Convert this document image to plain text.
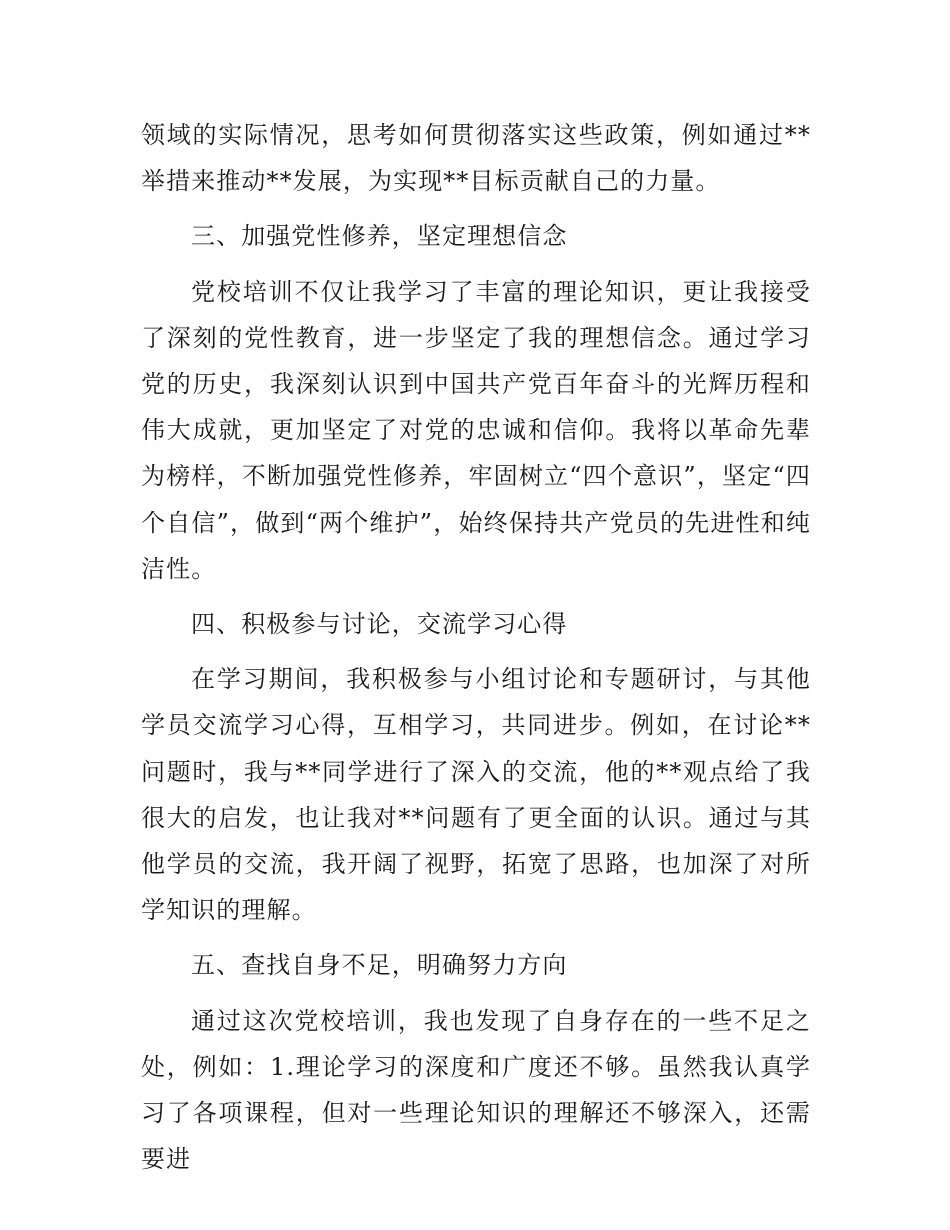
领域的实际情况，思考如何贯彻落实这些政策，例如通过**举措来推动**发展，为实现**目标贡献自己的力量。

三、加强党性修养，坚定理想信念

党校培训不仅让我学习了丰富的理论知识，更让我接受了深刻的党性教育，进一步坚定了我的理想信念。通过学习党的历史，我深刻认识到中国共产党百年奋斗的光辉历程和伟大成就，更加坚定了对党的忠诚和信仰。我将以革命先辈为榜样，不断加强党性修养，牢固树立“四个意识”，坚定“四个自信”，做到“两个维护”，始终保持共产党员的先进性和纯洁性。

四、积极参与讨论，交流学习心得

在学习期间，我积极参与小组讨论和专题研讨，与其他学员交流学习心得，互相学习，共同进步。例如，在讨论**问题时，我与**同学进行了深入的交流，他的**观点给了我很大的启发，也让我对**问题有了更全面的认识。通过与其他学员的交流，我开阔了视野，拓宽了思路，也加深了对所学知识的理解。

五、查找自身不足，明确努力方向

通过这次党校培训，我也发现了自身存在的一些不足之处，例如：1.理论学习的深度和广度还不够。虽然我认真学习了各项课程，但对一些理论知识的理解还不够深入，还需要进
